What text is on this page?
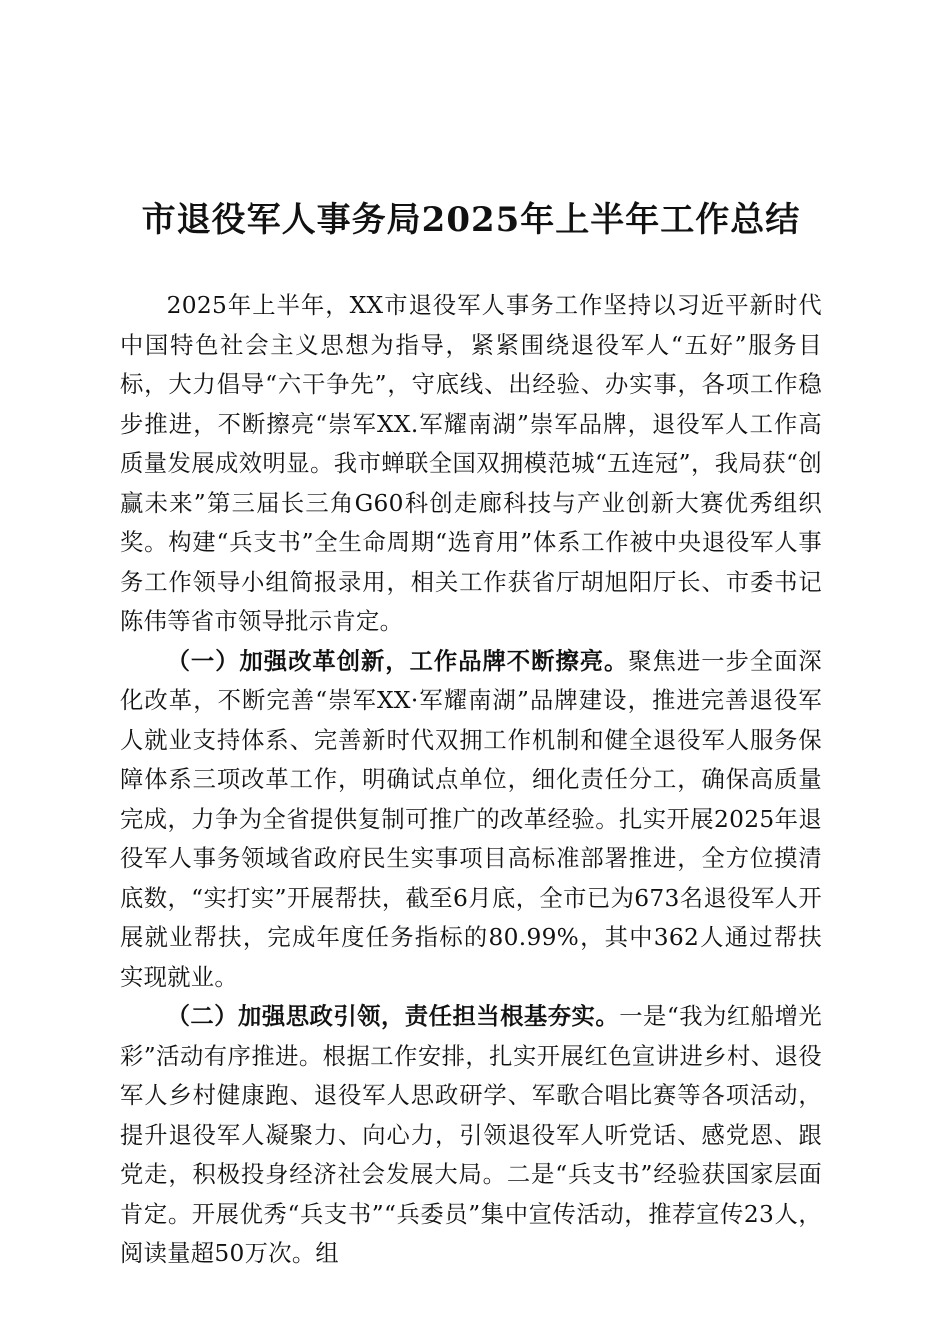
市退役军人事务局2025年上半年工作总结

2025年上半年，XX市退役军人事务工作坚持以习近平新时代中国特色社会主义思想为指导，紧紧围绕退役军人“五好”服务目标，大力倡导“六干争先”，守底线、出经验、办实事，各项工作稳步推进，不断擦亮“崇军XX.军耀南湖”崇军品牌，退役军人工作高质量发展成效明显。我市蝉联全国双拥模范城“五连冠”，我局获“创赢未来”第三届长三角G60科创走廊科技与产业创新大赛优秀组织奖。构建“兵支书”全生命周期“选育用”体系工作被中央退役军人事务工作领导小组简报录用，相关工作获省厅胡旭阳厅长、市委书记陈伟等省市领导批示肯定。

（一）加强改革创新，工作品牌不断擦亮。聚焦进一步全面深化改革，不断完善“崇军XX·军耀南湖”品牌建设，推进完善退役军人就业支持体系、完善新时代双拥工作机制和健全退役军人服务保障体系三项改革工作，明确试点单位，细化责任分工，确保高质量完成，力争为全省提供复制可推广的改革经验。扎实开展2025年退役军人事务领域省政府民生实事项目高标准部署推进，全方位摸清底数，“实打实”开展帮扶，截至6月底，全市已为673名退役军人开展就业帮扶，完成年度任务指标的80.99%，其中362人通过帮扶实现就业。

（二）加强思政引领，责任担当根基夯实。一是“我为红船增光彩”活动有序推进。根据工作安排，扎实开展红色宣讲进乡村、退役军人乡村健康跑、退役军人思政研学、军歌合唱比赛等各项活动，提升退役军人凝聚力、向心力，引领退役军人听党话、感党恩、跟党走，积极投身经济社会发展大局。二是“兵支书”经验获国家层面肯定。开展优秀“兵支书”“兵委员”集中宣传活动，推荐宣传23人，阅读量超50万次。组
